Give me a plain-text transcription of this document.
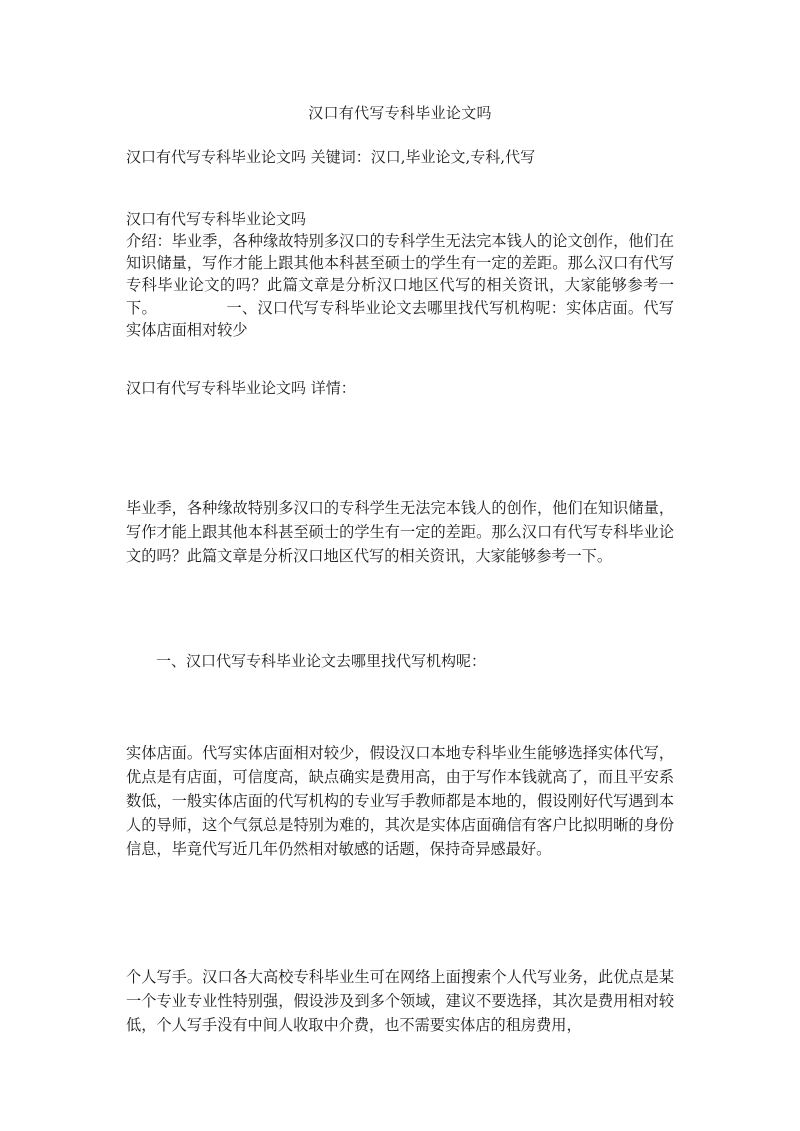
汉口有代写专科毕业论文吗
汉口有代写专科毕业论文吗 关键词：汉口,毕业论文,专科,代写
汉口有代写专科毕业论文吗
介绍：毕业季，各种缘故特别多汉口的专科学生无法完本钱人的论文创作，他们在知识储量，写作才能上跟其他本科甚至硕士的学生有一定的差距。那么汉口有代写专科毕业论文的吗？此篇文章是分析汉口地区代写的相关资讯，大家能够参考一下。　　　　　一、汉口代写专科毕业论文去哪里找代写机构呢：实体店面。代写实体店面相对较少
汉口有代写专科毕业论文吗 详情：
毕业季，各种缘故特别多汉口的专科学生无法完本钱人的创作，他们在知识储量，写作才能上跟其他本科甚至硕士的学生有一定的差距。那么汉口有代写专科毕业论文的吗？此篇文章是分析汉口地区代写的相关资讯，大家能够参考一下。
一、汉口代写专科毕业论文去哪里找代写机构呢：
实体店面。代写实体店面相对较少，假设汉口本地专科毕业生能够选择实体代写，优点是有店面，可信度高，缺点确实是费用高，由于写作本钱就高了，而且平安系数低，一般实体店面的代写机构的专业写手教师都是本地的，假设刚好代写遇到本人的导师，这个气氛总是特别为难的，其次是实体店面确信有客户比拟明晰的身份信息，毕竟代写近几年仍然相对敏感的话题，保持奇异感最好。
个人写手。汉口各大高校专科毕业生可在网络上面搜索个人代写业务，此优点是某一个专业专业性特别强，假设涉及到多个领域，建议不要选择，其次是费用相对较低，个人写手没有中间人收取中介费，也不需要实体店的租房费用，
